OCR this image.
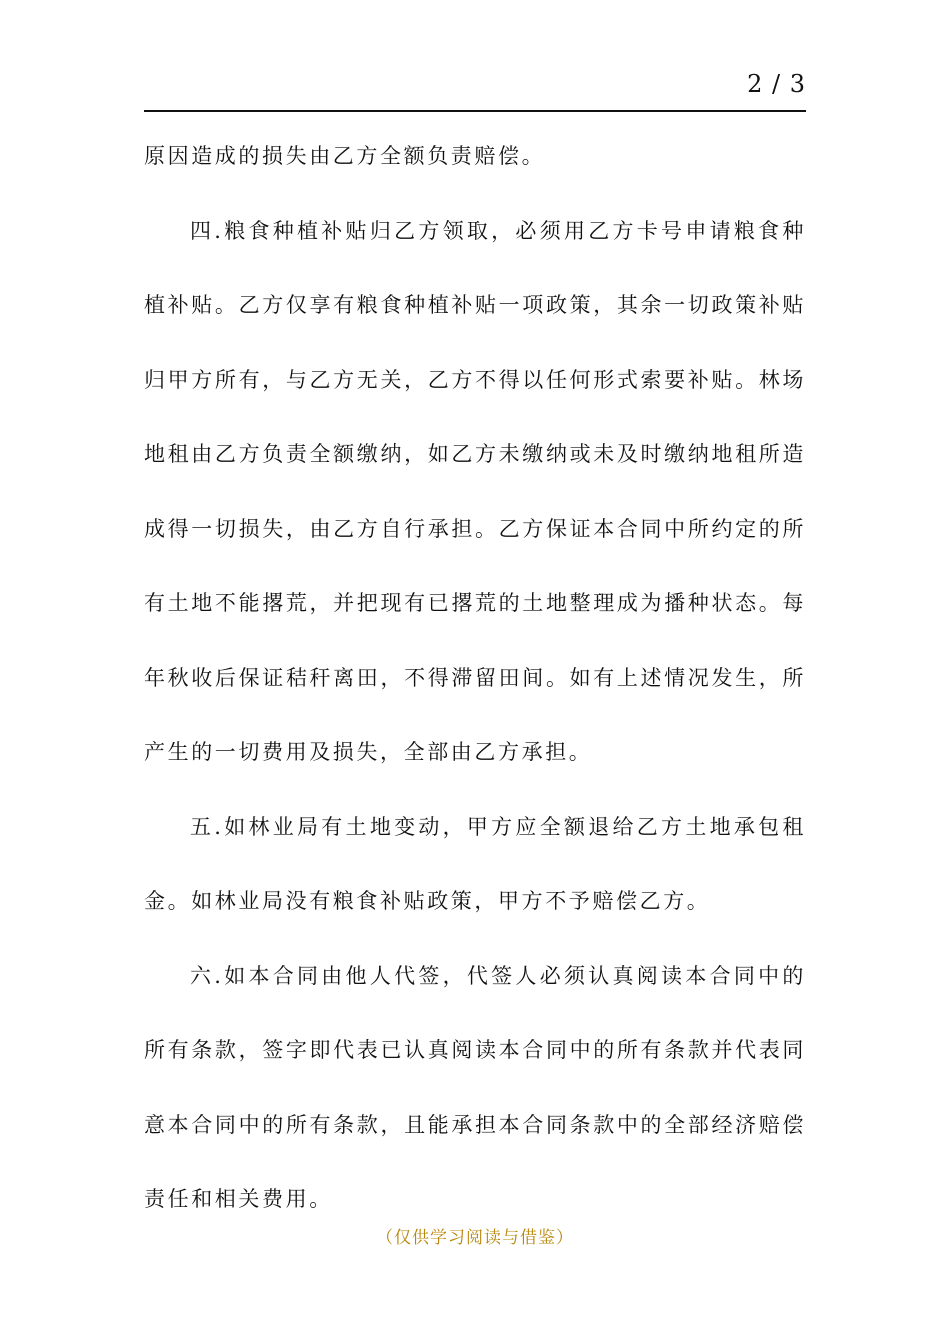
2 / 3

原因造成的损失由乙方全额负责赔偿。

四.粮食种植补贴归乙方领取，必须用乙方卡号申请粮食种植补贴。乙方仅享有粮食种植补贴一项政策，其余一切政策补贴归甲方所有，与乙方无关，乙方不得以任何形式索要补贴。林场地租由乙方负责全额缴纳，如乙方未缴纳或未及时缴纳地租所造成得一切损失，由乙方自行承担。乙方保证本合同中所约定的所有土地不能撂荒，并把现有已撂荒的土地整理成为播种状态。每年秋收后保证秸秆离田，不得滞留田间。如有上述情况发生，所产生的一切费用及损失，全部由乙方承担。

五.如林业局有土地变动，甲方应全额退给乙方土地承包租金。如林业局没有粮食补贴政策，甲方不予赔偿乙方。

六.如本合同由他人代签，代签人必须认真阅读本合同中的所有条款，签字即代表已认真阅读本合同中的所有条款并代表同意本合同中的所有条款，且能承担本合同条款中的全部经济赔偿责任和相关费用。

（仅供学习阅读与借鉴）
